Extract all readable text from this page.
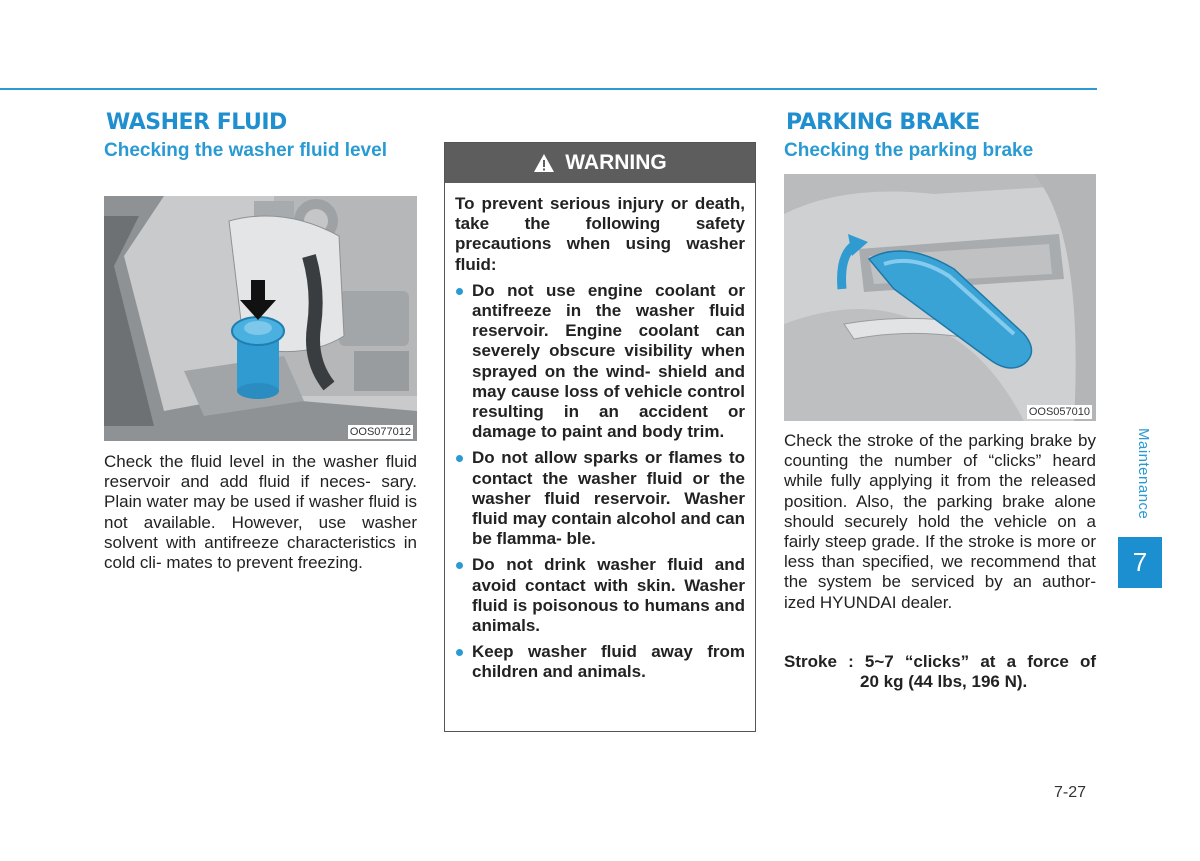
WASHER FLUID
Checking the washer fluid level
OOS077012

Check the fluid level in the washer fluid reservoir and add fluid if neces- sary. Plain water may be used if washer fluid is not available. However, use washer solvent with antifreeze characteristics in cold cli- mates to prevent freezing.

WARNING

To prevent serious injury or death, take the following safety precautions when using washer fluid:

Do not use engine coolant or antifreeze in the washer fluid reservoir. Engine coolant can severely obscure visibility when sprayed on the wind- shield and may cause loss of vehicle control resulting in an accident or damage to paint and body trim.
Do not allow sparks or flames to contact the washer fluid or the washer fluid reservoir. Washer fluid may contain alcohol and can be flamma- ble.
Do not drink washer fluid and avoid contact with skin. Washer fluid is poisonous to humans and animals.
Keep washer fluid away from children and animals.
PARKING BRAKE
Checking the parking brake
OOS057010

Check the stroke of the parking brake by counting the number of “clicks” heard while fully applying it from the released position. Also, the parking brake alone should securely hold the vehicle on a fairly steep grade. If the stroke is more or less than specified, we recommend that the system be serviced by an author- ized HYUNDAI dealer.

Stroke : 5~7 “clicks” at a force of

20 kg (44 lbs, 196 N).

Maintenance
7
7-27
